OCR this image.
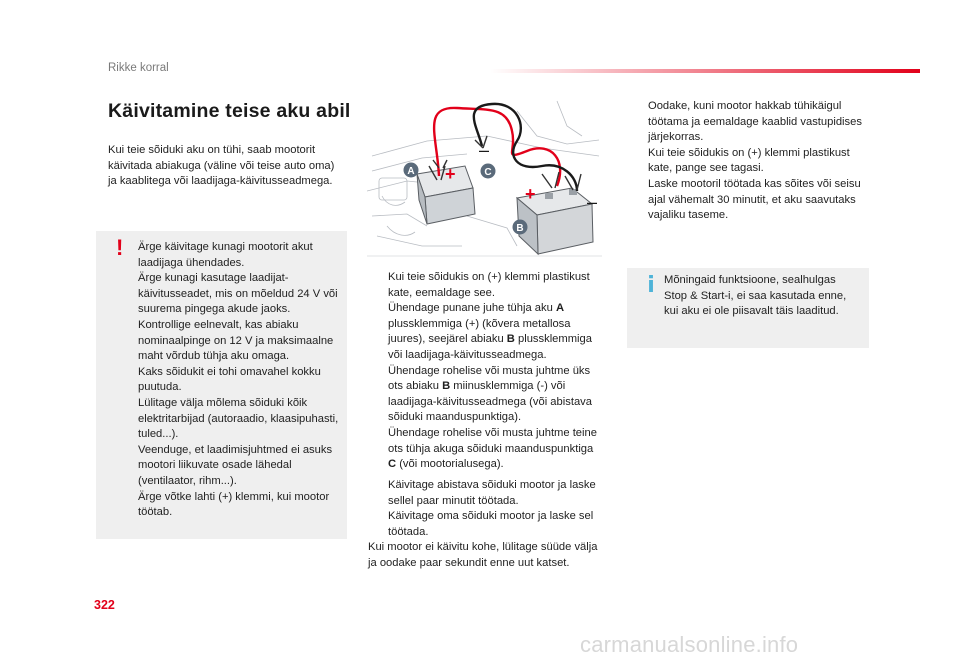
Rikke korral
Käivitamine teise aku abil
Kui teie sõiduki aku on tühi, saab mootorit käivitada abiakuga (väline või teise auto oma) ja kaablitega või laadijaga-käivitusseadmega.
! Ärge käivitage kunagi mootorit akut laadijaga ühendades.
Ärge kunagi kasutage laadijat-käivitusseadet, mis on mõeldud 24 V või suurema pingega akude jaoks.
Kontrollige eelnevalt, kas abiaku nominaalpinge on 12 V ja maksimaalne maht võrdub tühja aku omaga.
Kaks sõidukit ei tohi omavahel kokku puutuda.
Lülitage välja mõlema sõiduki kõik elektritarbijad (autoraadio, klaasipuhasti, tuled...).
Veenduge, et laadimisjuhtmed ei asuks mootori liikuvate osade lähedal (ventilaator, rihm...).
Ärge võtke lahti (+) klemmi, kui mootor töötab.
+
–
+	–
A	C
B

Kui teie sõidukis on (+) klemmi plastikust kate, eemaldage see.

Ühendage punane juhe tühja aku A plussklemmiga (+) (kõvera metallosa juures), seejärel abiaku B plussklemmiga või laadijaga-käivitusseadmega.

Ühendage rohelise või musta juhtme üks ots abiaku B miinusklemmiga (-) või laadijaga-käivitusseadmega (või abistava sõiduki maanduspunktiga).

Ühendage rohelise või musta juhtme teine ots tühja akuga sõiduki maanduspunktiga C (või mootorialusega).

Käivitage abistava sõiduki mootor ja laske sellel paar minutit töötada.

Käivitage oma sõiduki mootor ja laske sel töötada.

Kui mootor ei käivitu kohe, lülitage süüde välja ja oodake paar sekundit enne uut katset.

Oodake, kuni mootor hakkab tühikäigul töötama ja eemaldage kaablid vastupidises järjekorras.

Kui teie sõidukis on (+) klemmi plastikust kate, pange see tagasi.

Laske mootoril töötada kas sõites või seisu ajal vähemalt 30 minutit, et aku saavutaks vajaliku taseme.

i Mõningaid funktsioone, sealhulgas Stop & Start-i, ei saa kasutada enne, kui aku ei ole piisavalt täis laaditud.
322
carmanualsonline.info
